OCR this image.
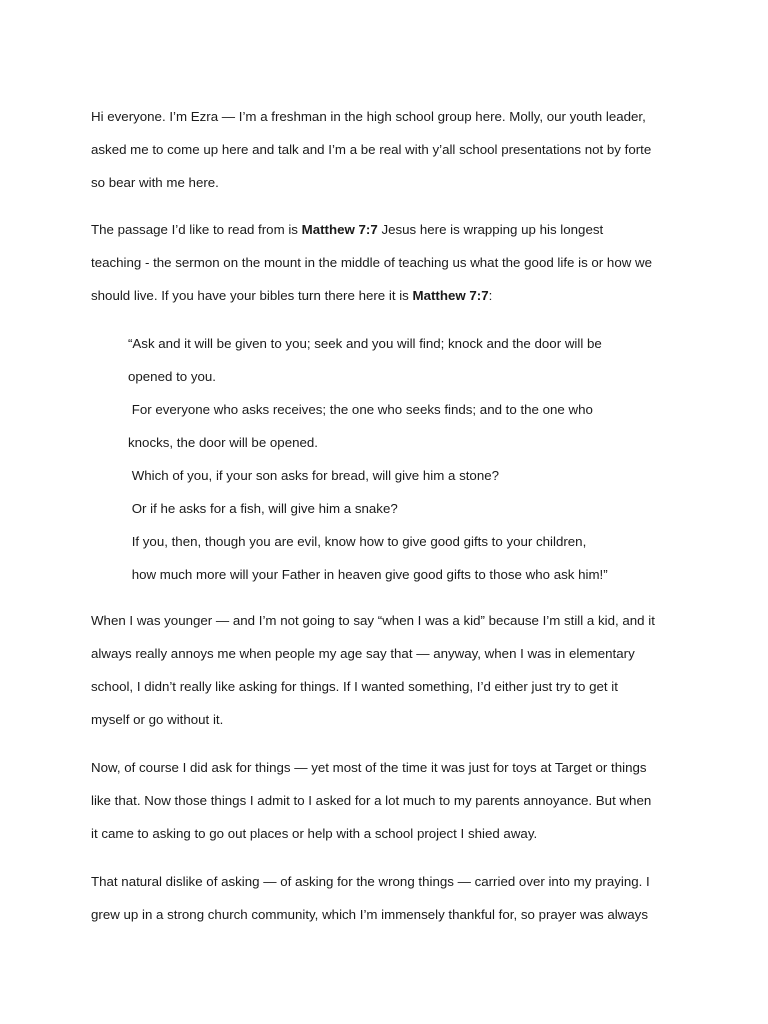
Hi everyone. I’m Ezra — I’m a freshman in the high school group here. Molly, our youth leader,
asked me to come up here and talk and I’m a be real with y’all school presentations not by forte
so bear with me here.
The passage I’d like to read from is Matthew 7:7 Jesus here is wrapping up his longest
teaching - the sermon on the mount in the middle of teaching us what the good life is or how we
should live. If you have your bibles turn there here it is Matthew 7:7:
“Ask and it will be given to you; seek and you will find; knock and the door will be
opened to you.
For everyone who asks receives; the one who seeks finds; and to the one who
knocks, the door will be opened.
Which of you, if your son asks for bread, will give him a stone?
Or if he asks for a fish, will give him a snake?
If you, then, though you are evil, know how to give good gifts to your children,
how much more will your Father in heaven give good gifts to those who ask him!”
When I was younger — and I’m not going to say “when I was a kid” because I’m still a kid, and it
always really annoys me when people my age say that — anyway, when I was in elementary
school, I didn’t really like asking for things. If I wanted something, I’d either just try to get it
myself or go without it.
Now, of course I did ask for things — yet most of the time it was just for toys at Target or things
like that. Now those things I admit to I asked for a lot much to my parents annoyance. But when
it came to asking to go out places or help with a school project I shied away.
That natural dislike of asking — of asking for the wrong things — carried over into my praying. I
grew up in a strong church community, which I’m immensely thankful for, so prayer was always
